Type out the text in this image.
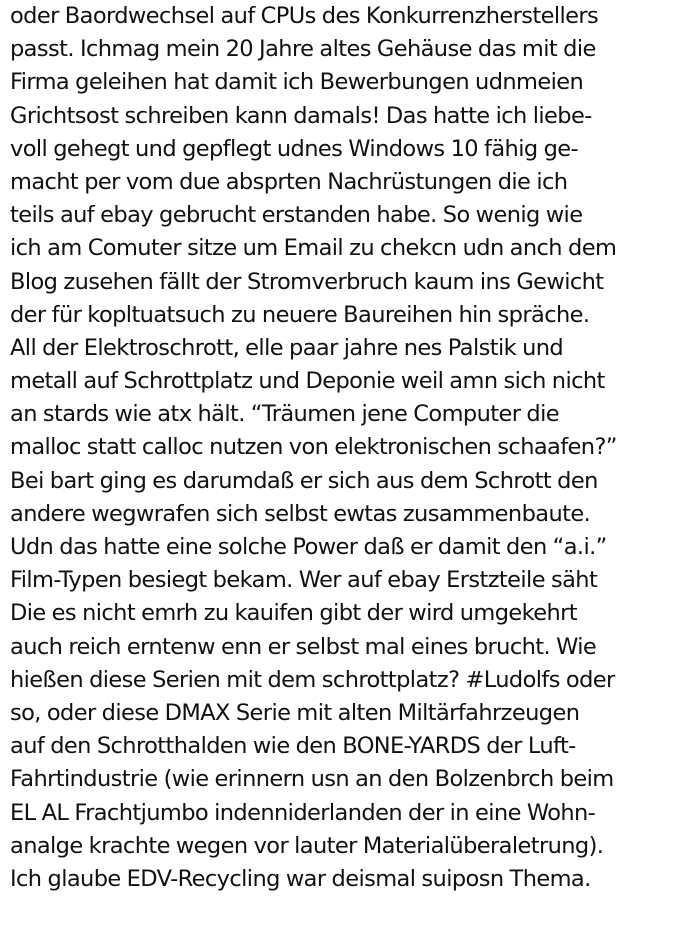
oder Baordwechsel auf CPUs des Konkurrenzherstellers
passt. Ichmag mein 20 Jahre altes Gehäuse das mit die
Firma geleihen hat damit ich Bewerbungen udnmeien
Grichtsost schreiben kann damals! Das hatte ich liebe-
voll gehegt und gepflegt udnes Windows 10 fähig ge-
macht per vom due absprten Nachrüstungen die ich
teils auf ebay gebrucht erstanden habe. So wenig wie
ich am Comuter sitze um Email zu chekcn udn anch dem
Blog zusehen fällt der Stromverbruch kaum ins Gewicht
der für kopltuatsuch zu neuere Baureihen hin spräche.
All der Elektroschrott, elle paar jahre nes Palstik und
metall auf Schrottplatz und Deponie weil amn sich nicht
an stards wie atx hält. “Träumen jene Computer die
malloc statt calloc nutzen von elektronischen schaafen?”
Bei bart ging es darumdaß er sich aus dem Schrott den
andere wegwrafen sich selbst ewtas zusammenbaute.
Udn das hatte eine solche Power daß er damit den “a.i.”
Film-Typen besiegt bekam. Wer auf ebay Erstzteile säht
Die es nicht emrh zu kauifen gibt der wird umgekehrt
auch reich erntenw enn er selbst mal eines brucht. Wie
hießen diese Serien mit dem schrottplatz? #Ludolfs oder
so, oder diese DMAX Serie mit alten Miltärfahrzeugen
auf den Schrotthalden wie den BONE-YARDS der Luft-
Fahrtindustrie (wie erinnern usn an den Bolzenbrch beim
EL AL Frachtjumbo indenniderlanden der in eine Wohn-
analge krachte wegen vor lauter Materialüberaletrung).
Ich glaube EDV-Recycling war deismal suiposn Thema.
